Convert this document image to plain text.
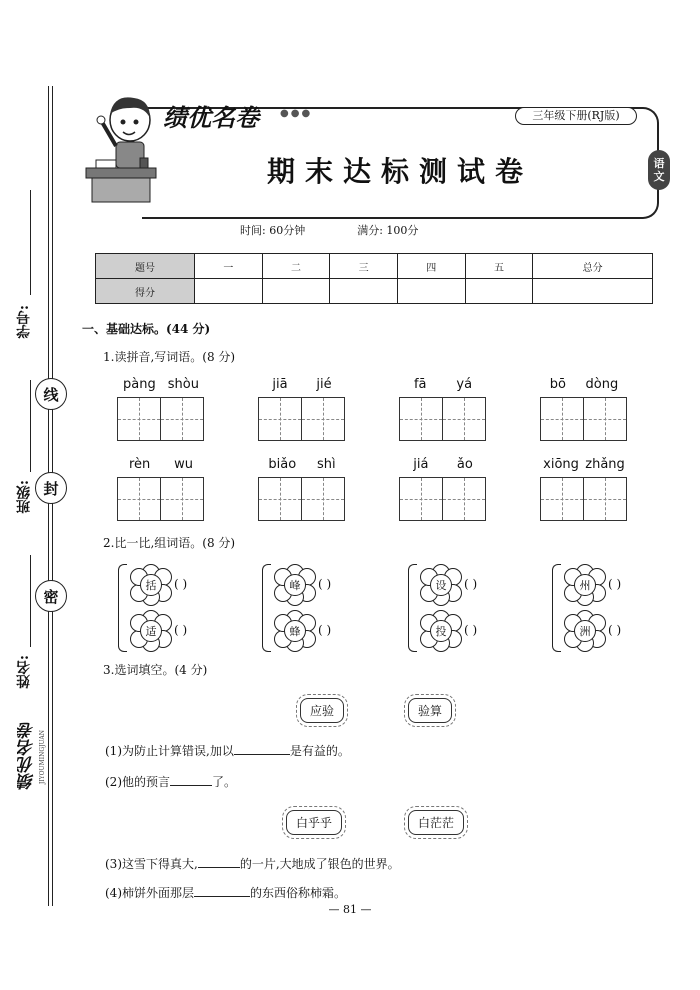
学号:
班级:
姓名:
线
封
密
绩优名卷 JIYOUMINGJUAN
绩优名卷 ●●●	三年级下册(RJ版)
期末达标测试卷	语
文
时间: 60分钟	满分: 100分
题号	一	二	三	四	五	总分
得分						
一、基础达标。(44 分)
1.读拼音,写词语。(8 分)
pàng shòu	jiā jié	fā yá	bō dòng
rèn wu	biǎo shì	jiá ǎo	xiōng zhǎng
2.比一比,组词语。(8 分)
括	( )
适	( )
峰	( )
蜂	( )
设	( )
投	( )
州	( )
洲	( )
3.选词填空。(4 分)
应验	验算
(1)为防止计算错误,加以	是有益的。
(2)他的预言	了。
白乎乎	白茫茫
(3)这雪下得真大,	的一片,大地成了银色的世界。
(4)柿饼外面那层	的东西俗称柿霜。
— 81 —
